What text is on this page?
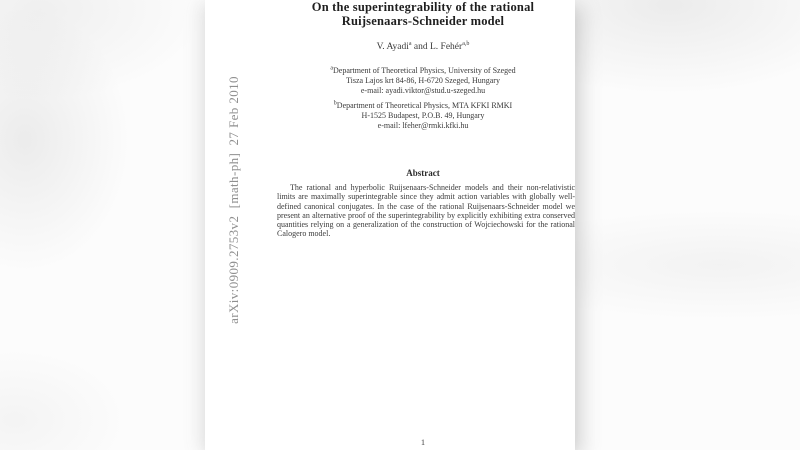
arXiv:0909.2753v2  [math-ph]  27 Feb 2010
On the superintegrability of the rational
Ruijsenaars-Schneider model
V. Ayadi$^a$ and L. Fehér$^{a,b}$
$^a$Department of Theoretical Physics, University of Szeged
Tisza Lajos krt 84-86, H-6720 Szeged, Hungary
e-mail: ayadi.viktor@stud.u-szeged.hu
$^b$Department of Theoretical Physics, MTA KFKI RMKI
H-1525 Budapest, P.O.B. 49, Hungary
e-mail: lfeher@rmki.kfki.hu
Abstract
The rational and hyperbolic Ruijsenaars-Schneider models and their non-relativistic limits are maximally superintegrable since they admit action variables with globally well-defined canonical conjugates. In the case of the rational Ruijsenaars-Schneider model we present an alternative proof of the superintegrability by explicitly exhibiting extra conserved quantities relying on a generalization of the construction of Wojciechowski for the rational Calogero model.
1
